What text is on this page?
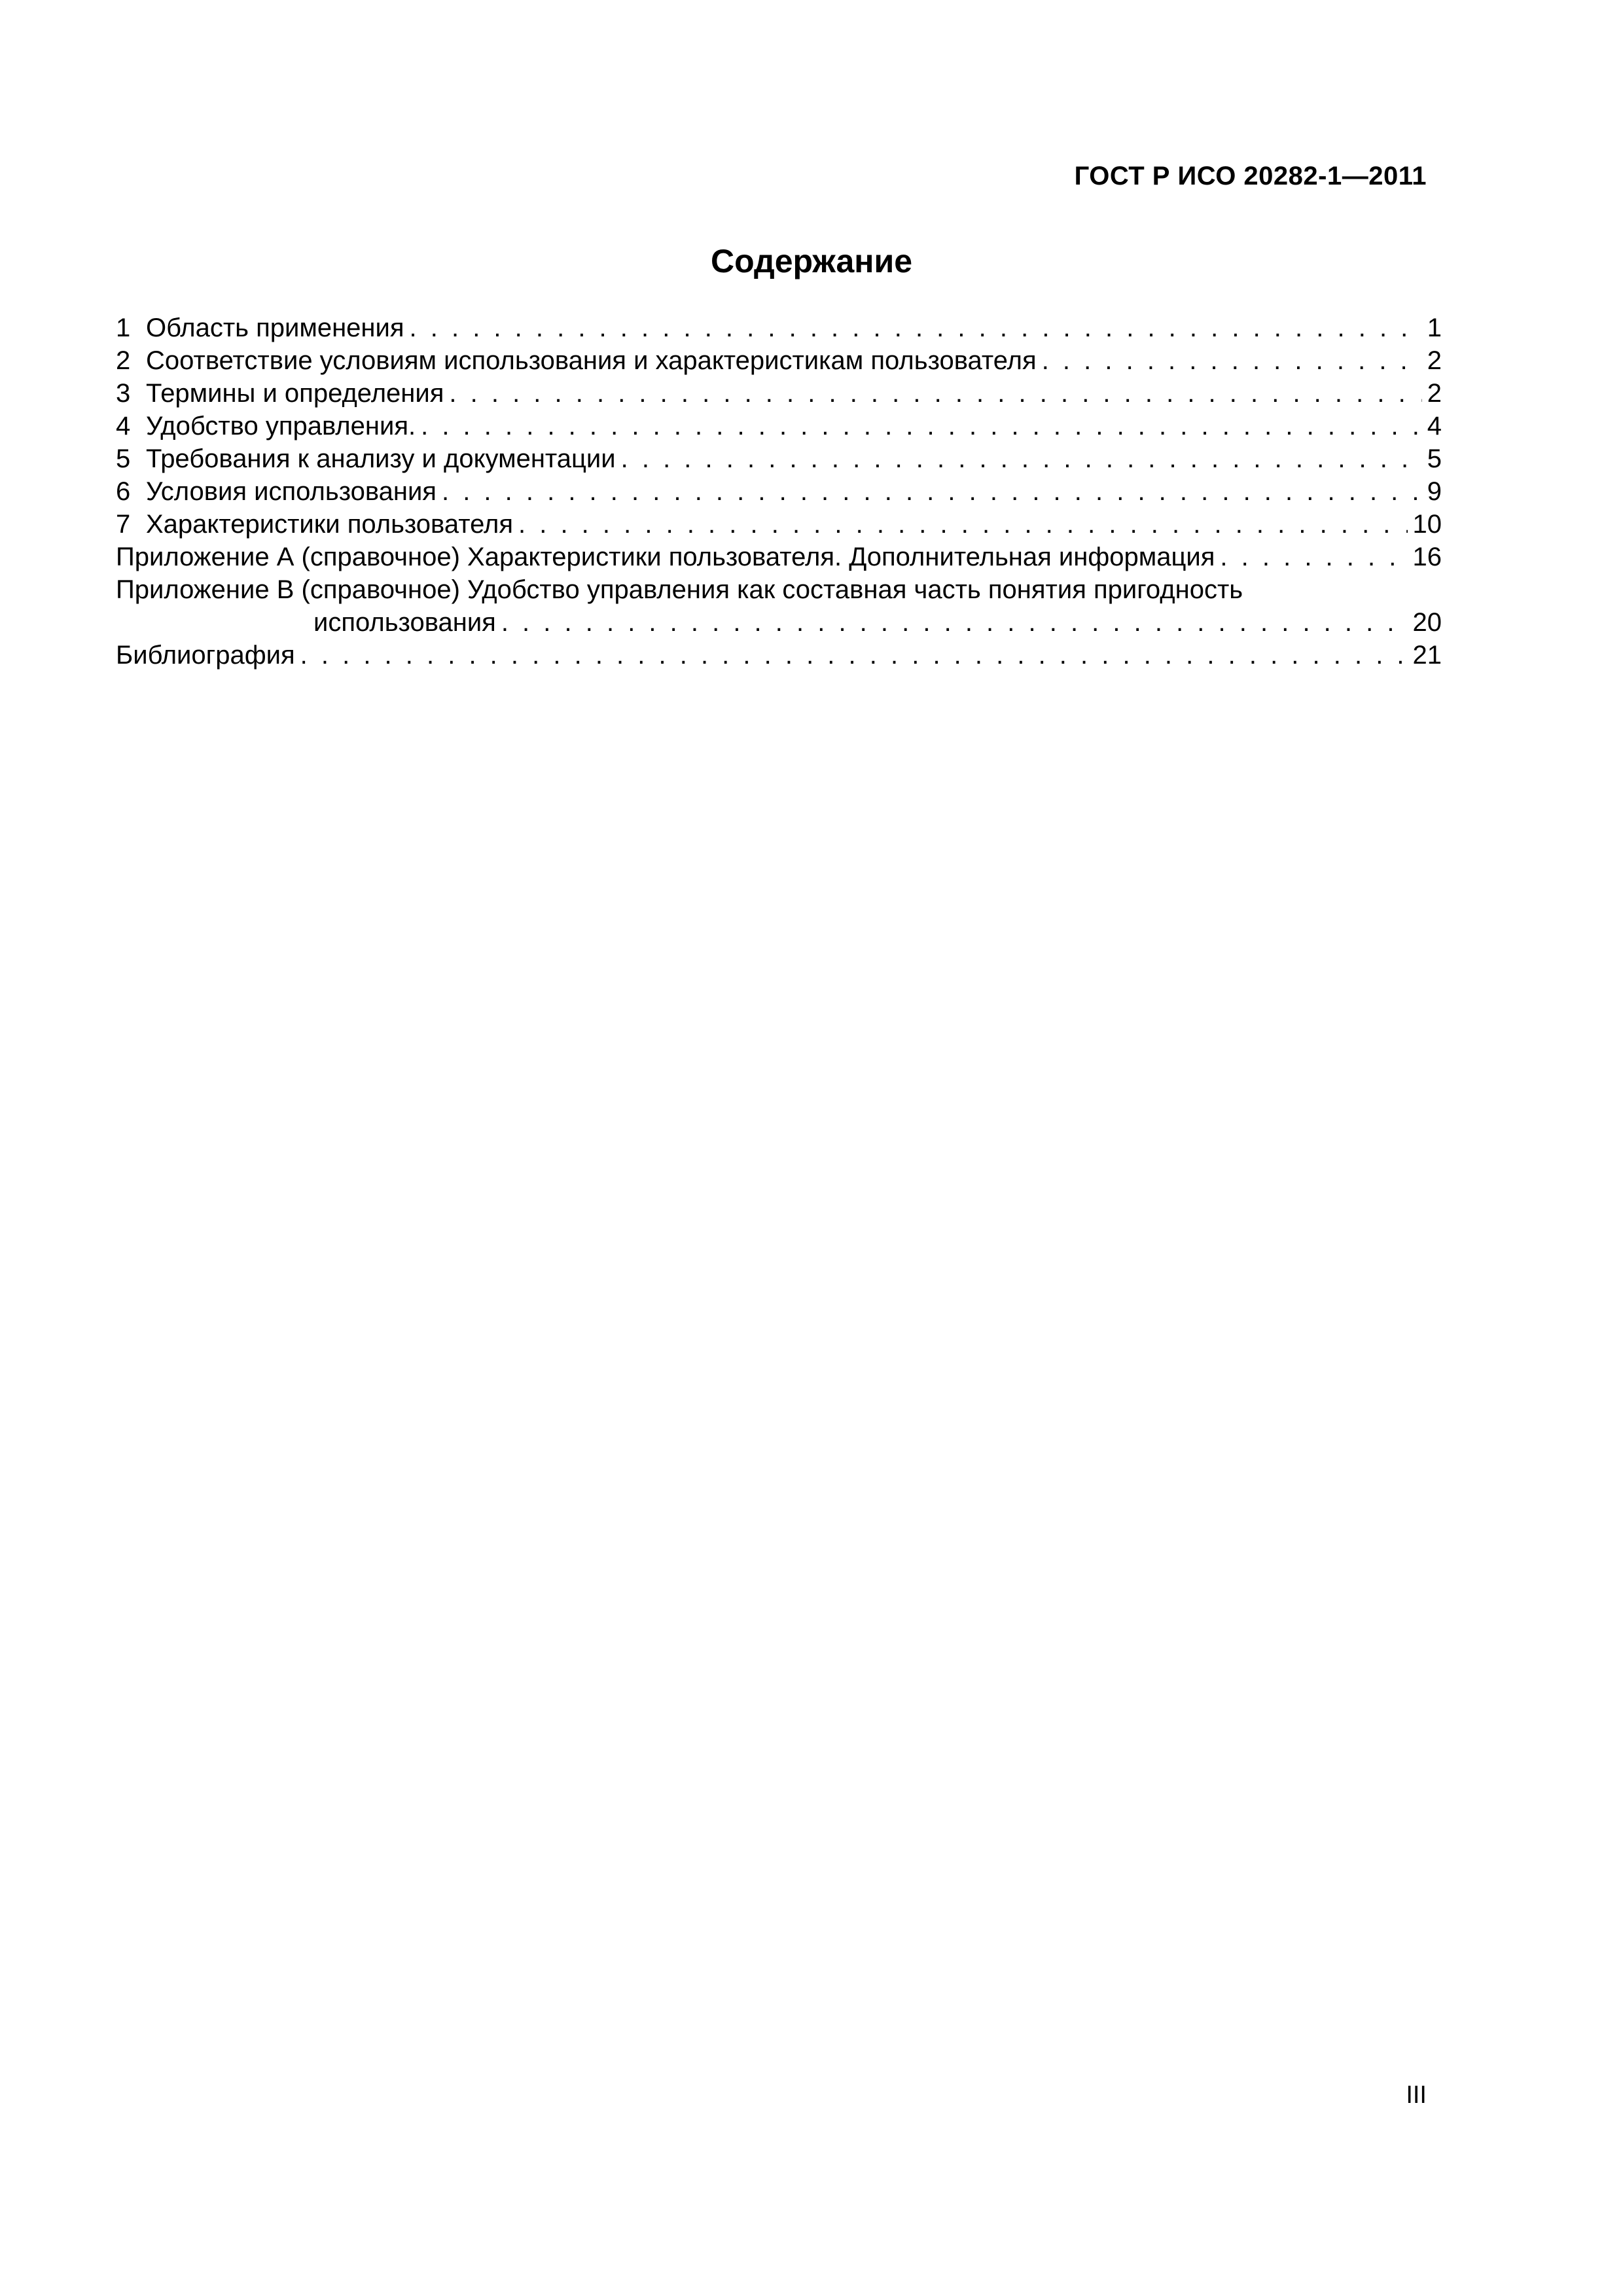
ГОСТ Р ИСО 20282-1—2011
Содержание
1 Область применения . . .	1
2 Соответствие условиям использования и характеристикам пользователя . . .	2
3 Термины и определения . . .	2
4 Удобство управления. . . .	4
5 Требования к анализу и документации . . .	5
6 Условия использования . . .	9
7 Характеристики пользователя . . .	10
Приложение А (справочное) Характеристики пользователя. Дополнительная информация . . .	16
Приложение В (справочное) Удобство управления как составная часть понятия пригодность
использования . . .	20
Библиография . . .	21
III
